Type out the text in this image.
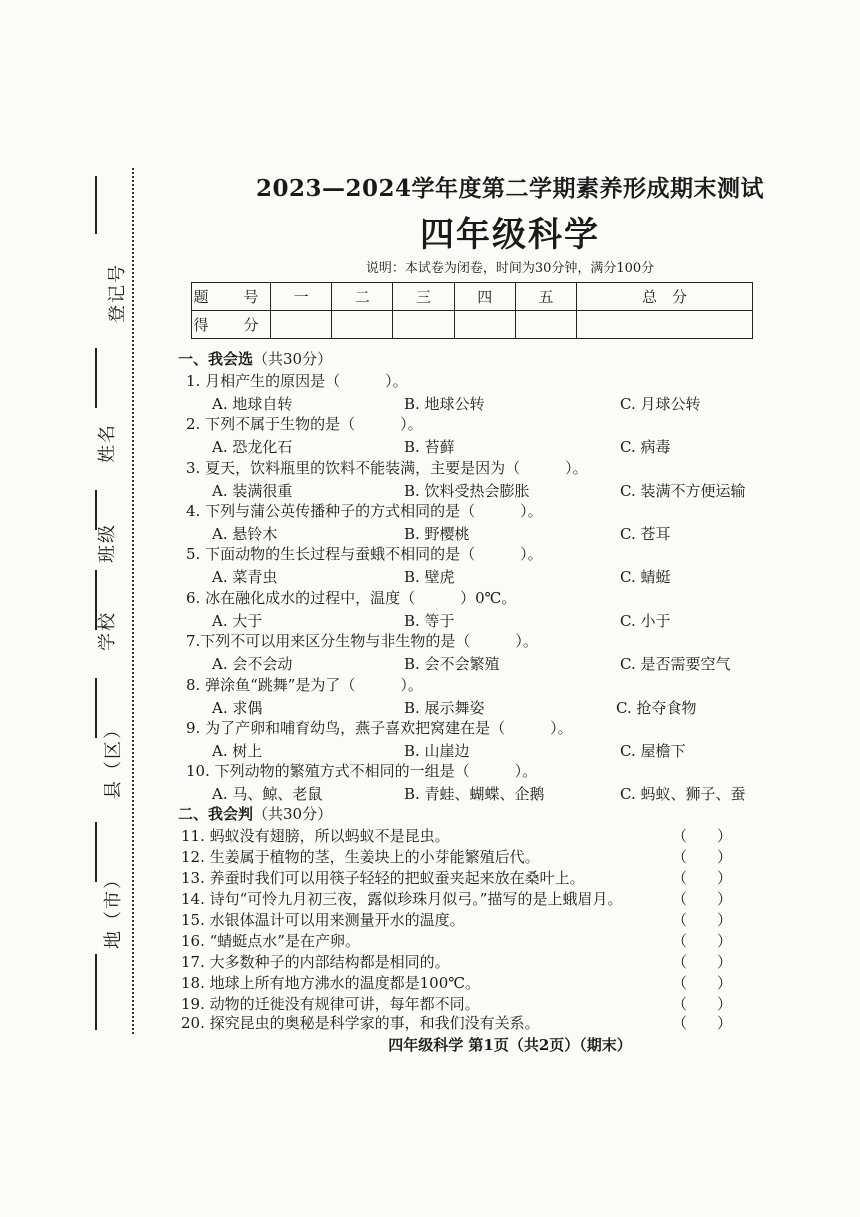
登记号
姓名
班级
学校
县（区）
地（市）
2023—2024学年度第二学期素养形成期末测试
四年级科学
说明：本试卷为闭卷，时间为30分钟，满分100分
题　号	一	二	三	四	五	总　分
得　分						
一、我会选（共30分）
1. 月相产生的原因是（　　　）。
A. 地球自转	B. 地球公转	C. 月球公转
2. 下列不属于生物的是（　　　）。
A. 恐龙化石	B. 苔藓	C. 病毒
3. 夏天，饮料瓶里的饮料不能装满，主要是因为（　　　）。
A. 装满很重	B. 饮料受热会膨胀	C. 装满不方便运输
4. 下列与蒲公英传播种子的方式相同的是（　　　）。
A. 悬铃木	B. 野樱桃	C. 苍耳
5. 下面动物的生长过程与蚕蛾不相同的是（　　　）。
A. 菜青虫	B. 壁虎	C. 蜻蜓
6. 冰在融化成水的过程中，温度（　　　）0℃。
A. 大于	B. 等于	C. 小于
7.下列不可以用来区分生物与非生物的是（　　　）。
A. 会不会动	B. 会不会繁殖	C. 是否需要空气
8. 弹涂鱼“跳舞”是为了（　　　）。
A. 求偶	B. 展示舞姿	C. 抢夺食物
9. 为了产卵和哺育幼鸟，燕子喜欢把窝建在是（　　　）。
A. 树上	B. 山崖边	C. 屋檐下
10. 下列动物的繁殖方式不相同的一组是（　　　）。
A. 马、鲸、老鼠	B. 青蛙、蝴蝶、企鹅	C. 蚂蚁、狮子、蚕
二、我会判（共30分）
11. 蚂蚁没有翅膀，所以蚂蚁不是昆虫。	（ ）
12. 生姜属于植物的茎，生姜块上的小芽能繁殖后代。	（ ）
13. 养蚕时我们可以用筷子轻轻的把蚁蚕夹起来放在桑叶上。	（ ）
14. 诗句“可怜九月初三夜，露似珍珠月似弓。”描写的是上蛾眉月。	（ ）
15. 水银体温计可以用来测量开水的温度。	（ ）
16. “蜻蜓点水”是在产卵。	（ ）
17. 大多数种子的内部结构都是相同的。	（ ）
18. 地球上所有地方沸水的温度都是100℃。	（ ）
19. 动物的迁徙没有规律可讲，每年都不同。	（ ）
20. 探究昆虫的奥秘是科学家的事，和我们没有关系。	（ ）
四年级科学 第1页（共2页）（期末）
